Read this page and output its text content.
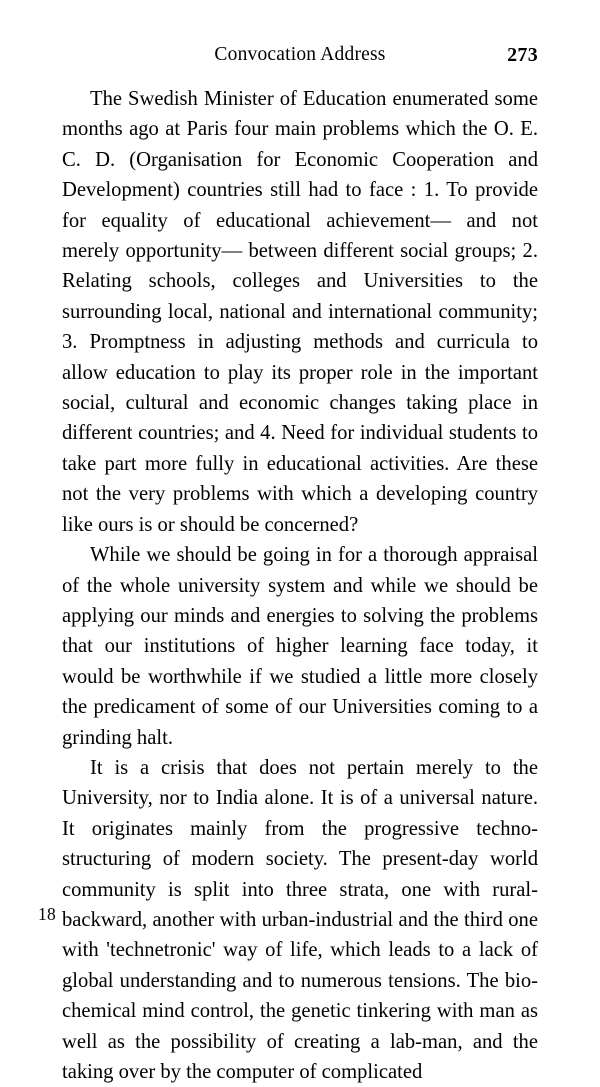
Convocation Address	273

The Swedish Minister of Education enumerated some months ago at Paris four main problems which the O. E. C. D. (Organisation for Economic Cooperation and Development) countries still had to face : 1. To provide for equality of educational achievement— and not merely opportunity— between different social groups; 2. Relating schools, colleges and Universities to the surrounding local, national and international community; 3. Promptness in adjusting methods and curricula to allow education to play its proper role in the important social, cultural and economic changes taking place in different countries; and 4. Need for individual students to take part more fully in educational activities. Are these not the very problems with which a developing country like ours is or should be concerned?

While we should be going in for a thorough appraisal of the whole university system and while we should be applying our minds and energies to solving the problems that our institutions of higher learning face today, it would be worthwhile if we studied a little more closely the predicament of some of our Universities coming to a grinding halt.

It is a crisis that does not pertain merely to the University, nor to India alone. It is of a universal nature. It originates mainly from the progressive techno-structuring of modern society. The present-day world community is split into three strata, one with rural-backward, another with urban-industrial and the third one with 'technetronic' way of life, which leads to a lack of global understanding and to numerous tensions. The bio-chemical mind control, the genetic tinkering with man as well as the possibility of creating a lab-man, and the taking over by the computer of complicated

18
